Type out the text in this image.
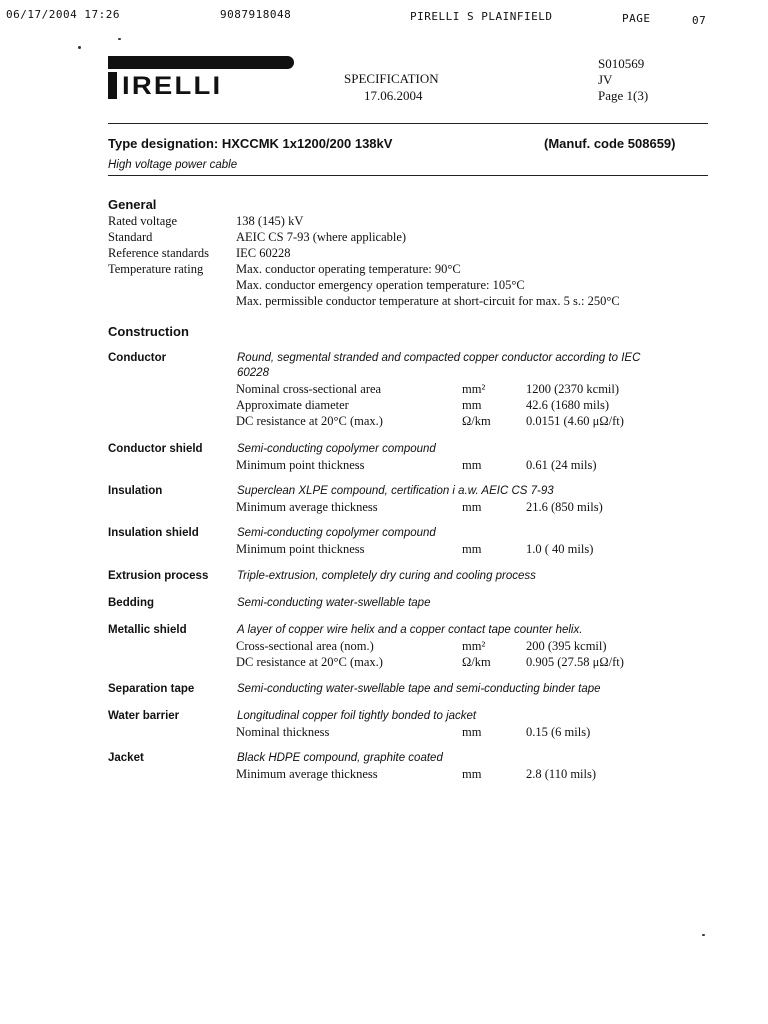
06/17/2004 17:26	9087918048	PIRELLI S PLAINFIELD	PAGE	07
IRELLI	SPECIFICATION
17.06.2004
S010569
JV
Page 1(3)
Type designation: HXCCMK 1x1200/200 138kV	(Manuf. code 508659)
High voltage power cable
General
Rated voltage	138 (145) kV
Standard	AEIC CS 7-93 (where applicable)
Reference standards IEC 60228
Temperature rating	Max. conductor operating temperature: 90°C
Max. conductor emergency operation temperature: 105°C
Max. permissible conductor temperature at short-circuit for max. 5 s.: 250°C
Construction
Conductor	Round, segmental stranded and compacted copper conductor according to IEC
60228
Nominal cross-sectional area	mm²	1200 (2370 kcmil)
Approximate diameter	mm	42.6 (1680 mils)
DC resistance at 20°C (max.)	Ω/km	0.0151 (4.60 μΩ/ft)
Conductor shield	Semi-conducting copolymer compound
Minimum point thickness	mm	0.61 (24 mils)
Insulation	Superclean XLPE compound, certification i a.w. AEIC CS 7-93
Minimum average thickness	mm	21.6 (850 mils)
Insulation shield	Semi-conducting copolymer compound
Minimum point thickness	mm	1.0 ( 40 mils)
Extrusion process Triple-extrusion, completely dry curing and cooling process
Bedding	Semi-conducting water-swellable tape
Metallic shield	A layer of copper wire helix and a copper contact tape counter helix.
Cross-sectional area (nom.)	mm²	200 (395 kcmil)
DC resistance at 20°C (max.)	Ω/km	0.905 (27.58 μΩ/ft)
Separation tape	Semi-conducting water-swellable tape and semi-conducting binder tape
Water barrier	Longitudinal copper foil tightly bonded to jacket
Nominal thickness	mm	0.15 (6 mils)
Jacket	Black HDPE compound, graphite coated
Minimum average thickness	mm	2.8 (110 mils)
